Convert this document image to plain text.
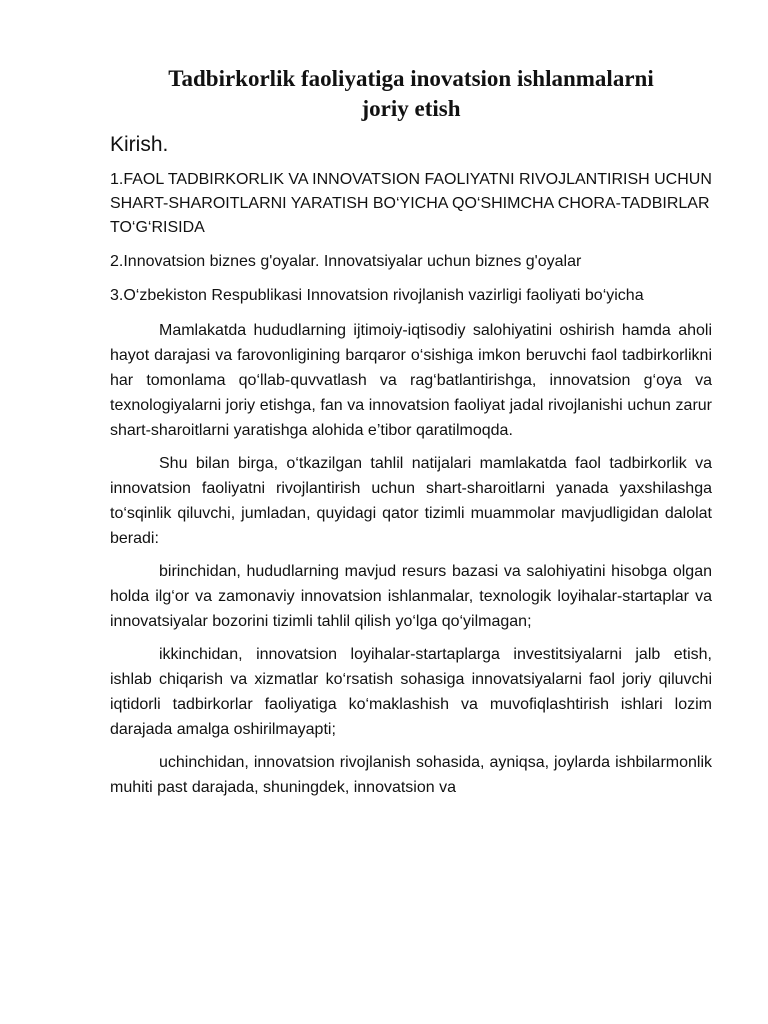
Tadbirkorlik faoliyatiga inovatsion ishlanmalarni
joriy etish

Kirish.

1.FAOL TADBIRKORLIK VA INNOVATSION FAOLIYATNI RIVOJLANTIRISH UCHUN SHART-SHAROITLARNI YARATISH BO‘YICHA QO‘SHIMCHA CHORA-TADBIRLAR TO‘G‘RISIDA

2.Innovatsion biznes g'oyalar. Innovatsiyalar uchun biznes g'oyalar

3.O‘zbekiston Respublikasi Innovatsion rivojlanish vazirligi faoliyati bo‘yicha

Mamlakatda hududlarning ijtimoiy-iqtisodiy salohiyatini oshirish hamda aholi hayot darajasi va farovonligining barqaror o‘sishiga imkon beruvchi faol tadbirkorlikni har tomonlama qo‘llab-quvvatlash va rag‘batlantirishga, innovatsion g‘oya va texnologiyalarni joriy etishga, fan va innovatsion faoliyat jadal rivojlanishi uchun zarur shart-sharoitlarni yaratishga alohida e’tibor qaratilmoqda.

Shu bilan birga, o‘tkazilgan tahlil natijalari mamlakatda faol tadbirkorlik va innovatsion faoliyatni rivojlantirish uchun shart-sharoitlarni yanada yaxshilashga to‘sqinlik qiluvchi, jumladan, quyidagi qator tizimli muammolar mavjudligidan dalolat beradi:

birinchidan, hududlarning mavjud resurs bazasi va salohiyatini hisobga olgan holda ilg‘or va zamonaviy innovatsion ishlanmalar, texnologik loyihalar-startaplar va innovatsiyalar bozorini tizimli tahlil qilish yo‘lga qo‘yilmagan;

ikkinchidan, innovatsion loyihalar-startaplarga investitsiyalarni jalb etish, ishlab chiqarish va xizmatlar ko‘rsatish sohasiga innovatsiyalarni faol joriy qiluvchi iqtidorli tadbirkorlar faoliyatiga ko‘maklashish va muvofiqlashtirish ishlari lozim darajada amalga oshirilmayapti;

uchinchidan, innovatsion rivojlanish sohasida, ayniqsa, joylarda ishbilarmonlik muhiti past darajada, shuningdek, innovatsion va
